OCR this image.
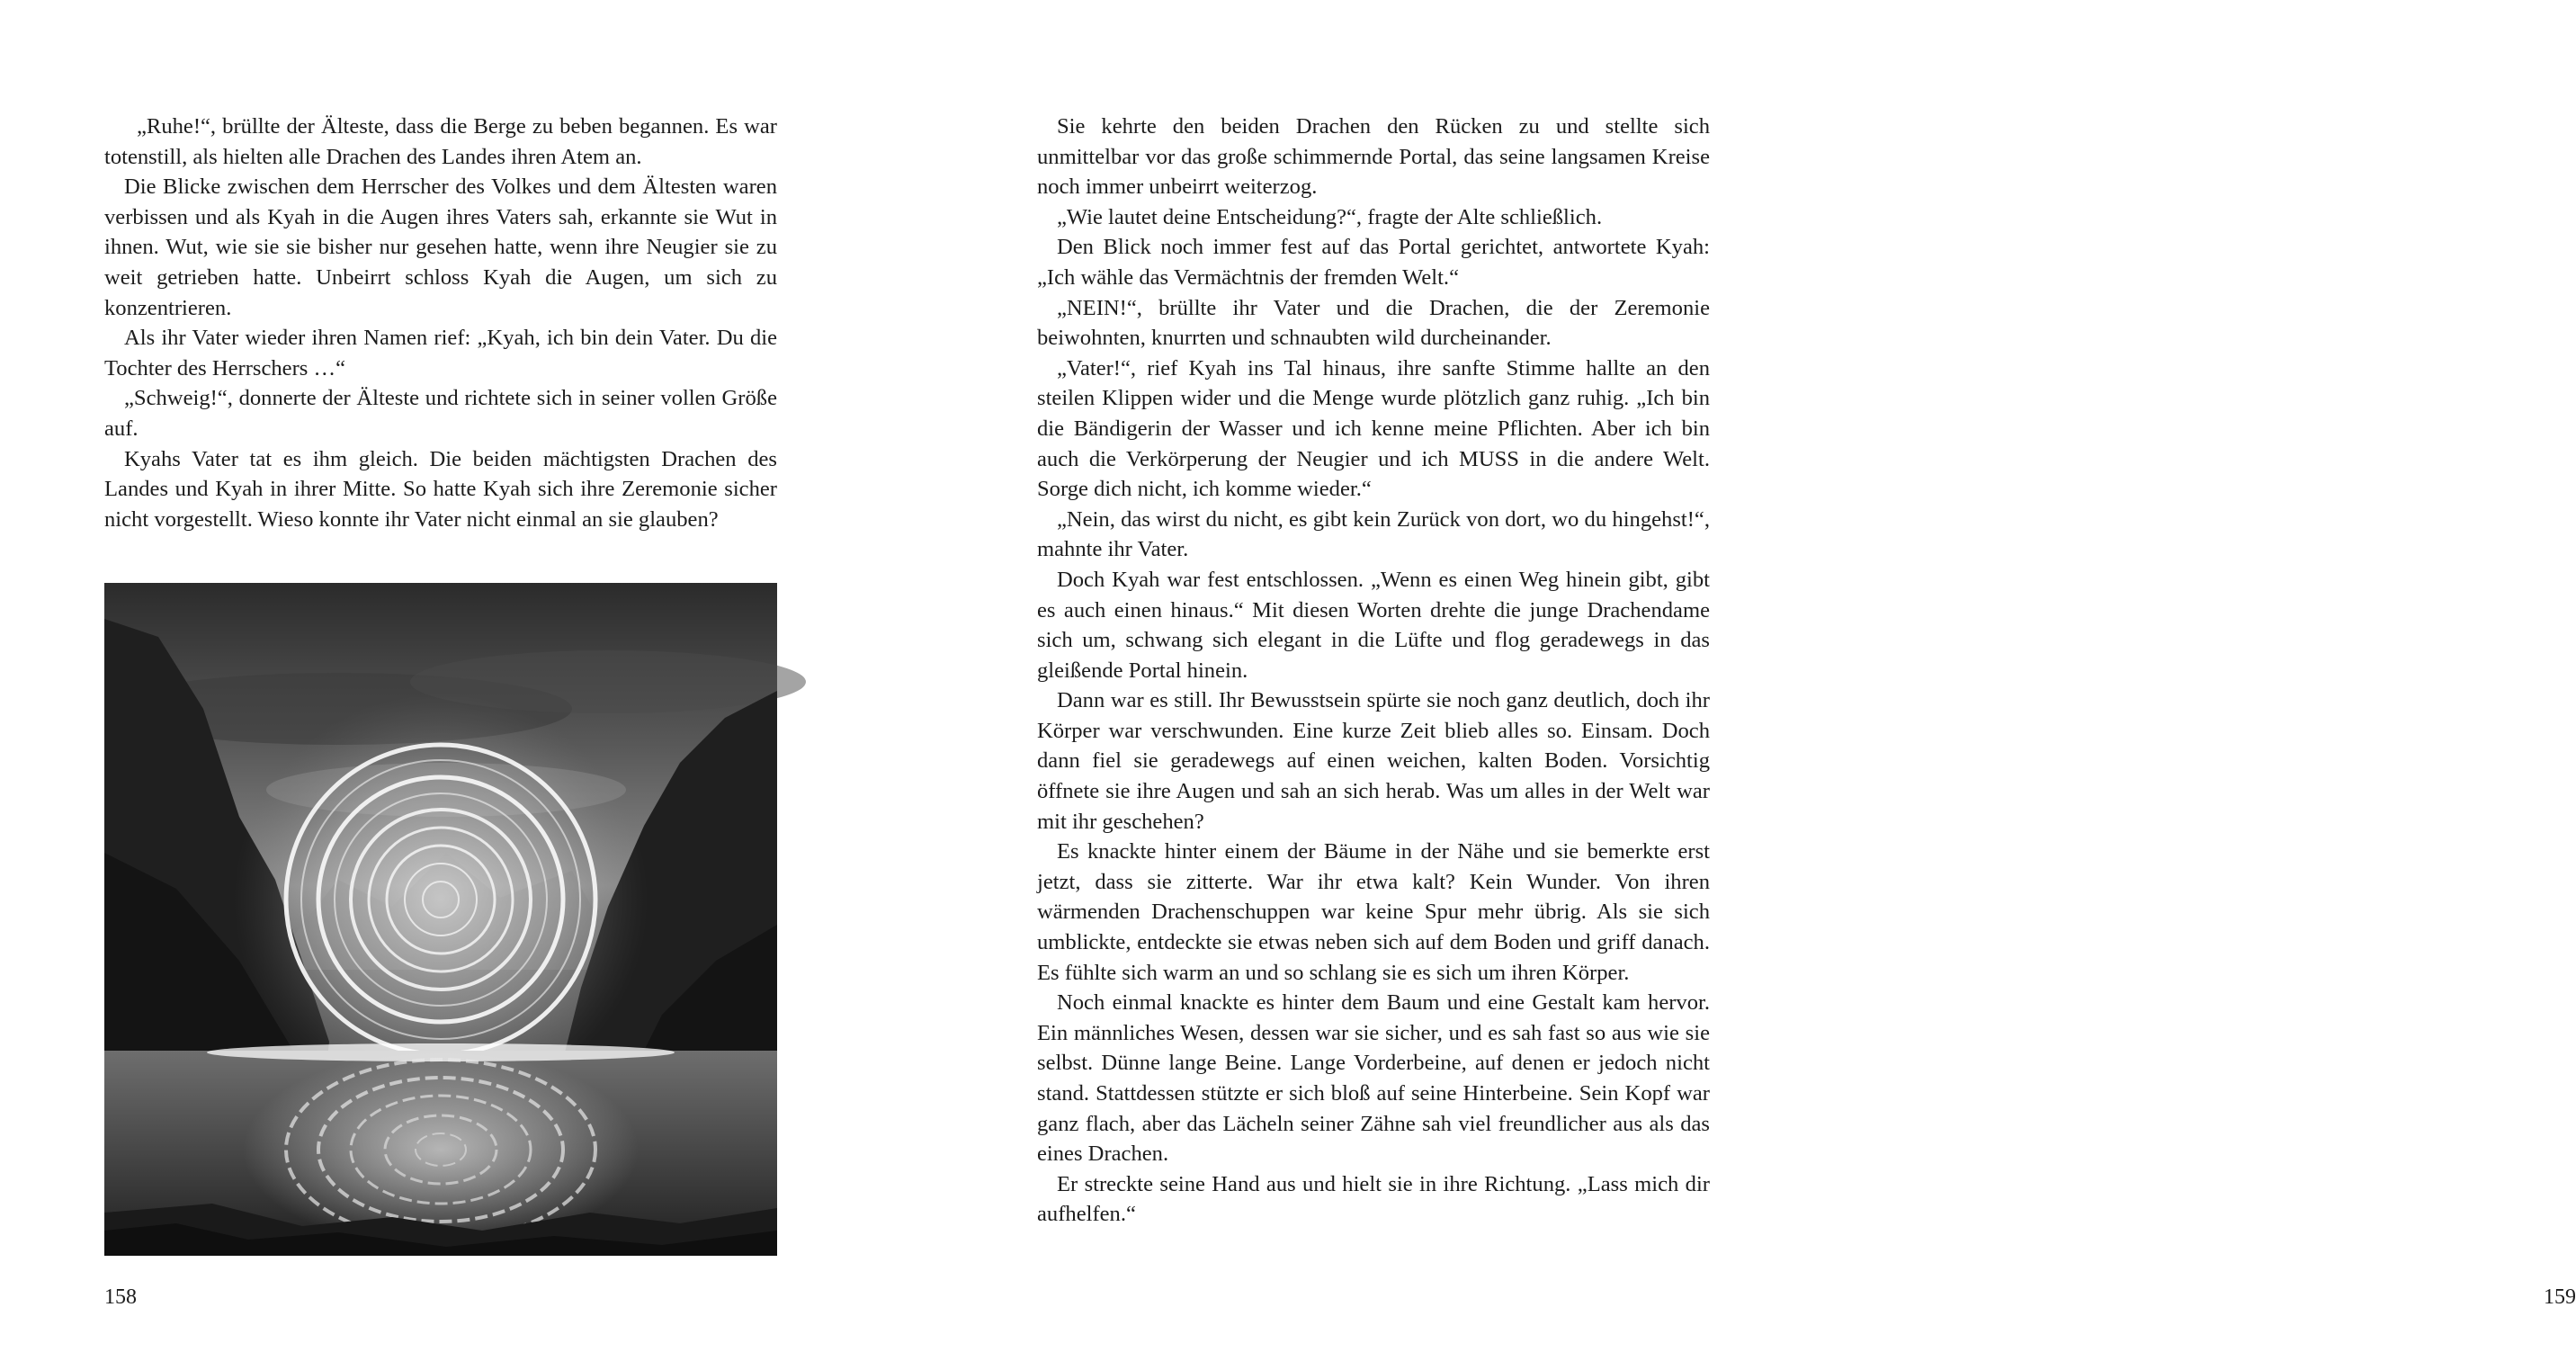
„Ruhe!“, brüllte der Älteste, dass die Berge zu beben begannen. Es war totenstill, als hielten alle Drachen des Landes ihren Atem an.

Die Blicke zwischen dem Herrscher des Volkes und dem Ältesten waren verbissen und als Kyah in die Augen ihres Vaters sah, erkannte sie Wut in ihnen. Wut, wie sie sie bisher nur gesehen hatte, wenn ihre Neugier sie zu weit getrieben hatte. Unbeirrt schloss Kyah die Augen, um sich zu konzentrieren.

Als ihr Vater wieder ihren Namen rief: „Kyah, ich bin dein Vater. Du die Tochter des Herrschers …“

„Schweig!“, donnerte der Älteste und richtete sich in seiner vollen Größe auf.

Kyahs Vater tat es ihm gleich. Die beiden mächtigsten Drachen des Landes und Kyah in ihrer Mitte. So hatte Kyah sich ihre Zeremonie sicher nicht vorgestellt. Wieso konnte ihr Vater nicht einmal an sie glauben?

158

Sie kehrte den beiden Drachen den Rücken zu und stellte sich unmittelbar vor das große schimmernde Portal, das seine langsamen Kreise noch immer unbeirrt weiterzog.

„Wie lautet deine Entscheidung?“, fragte der Alte schließlich.

Den Blick noch immer fest auf das Portal gerichtet, antwortete Kyah: „Ich wähle das Vermächtnis der fremden Welt.“

„NEIN!“, brüllte ihr Vater und die Drachen, die der Zeremonie beiwohnten, knurrten und schnaubten wild durcheinander.

„Vater!“, rief Kyah ins Tal hinaus, ihre sanfte Stimme hallte an den steilen Klippen wider und die Menge wurde plötzlich ganz ruhig. „Ich bin die Bändigerin der Wasser und ich kenne meine Pflichten. Aber ich bin auch die Verkörperung der Neugier und ich MUSS in die andere Welt. Sorge dich nicht, ich komme wieder.“

„Nein, das wirst du nicht, es gibt kein Zurück von dort, wo du hingehst!“, mahnte ihr Vater.

Doch Kyah war fest entschlossen. „Wenn es einen Weg hinein gibt, gibt es auch einen hinaus.“ Mit diesen Worten drehte die junge Drachendame sich um, schwang sich elegant in die Lüfte und flog geradewegs in das gleißende Portal hinein.

Dann war es still. Ihr Bewusstsein spürte sie noch ganz deutlich, doch ihr Körper war verschwunden. Eine kurze Zeit blieb alles so. Einsam. Doch dann fiel sie geradewegs auf einen weichen, kalten Boden. Vorsichtig öffnete sie ihre Augen und sah an sich herab. Was um alles in der Welt war mit ihr geschehen?

Es knackte hinter einem der Bäume in der Nähe und sie bemerkte erst jetzt, dass sie zitterte. War ihr etwa kalt? Kein Wunder. Von ihren wärmenden Drachenschuppen war keine Spur mehr übrig. Als sie sich umblickte, entdeckte sie etwas neben sich auf dem Boden und griff danach. Es fühlte sich warm an und so schlang sie es sich um ihren Körper.

Noch einmal knackte es hinter dem Baum und eine Gestalt kam hervor. Ein männliches Wesen, dessen war sie sicher, und es sah fast so aus wie sie selbst. Dünne lange Beine. Lange Vorderbeine, auf denen er jedoch nicht stand. Stattdessen stützte er sich bloß auf seine Hinterbeine. Sein Kopf war ganz flach, aber das Lächeln seiner Zähne sah viel freundlicher aus als das eines Drachen.

Er streckte seine Hand aus und hielt sie in ihre Richtung. „Lass mich dir aufhelfen.“

159
